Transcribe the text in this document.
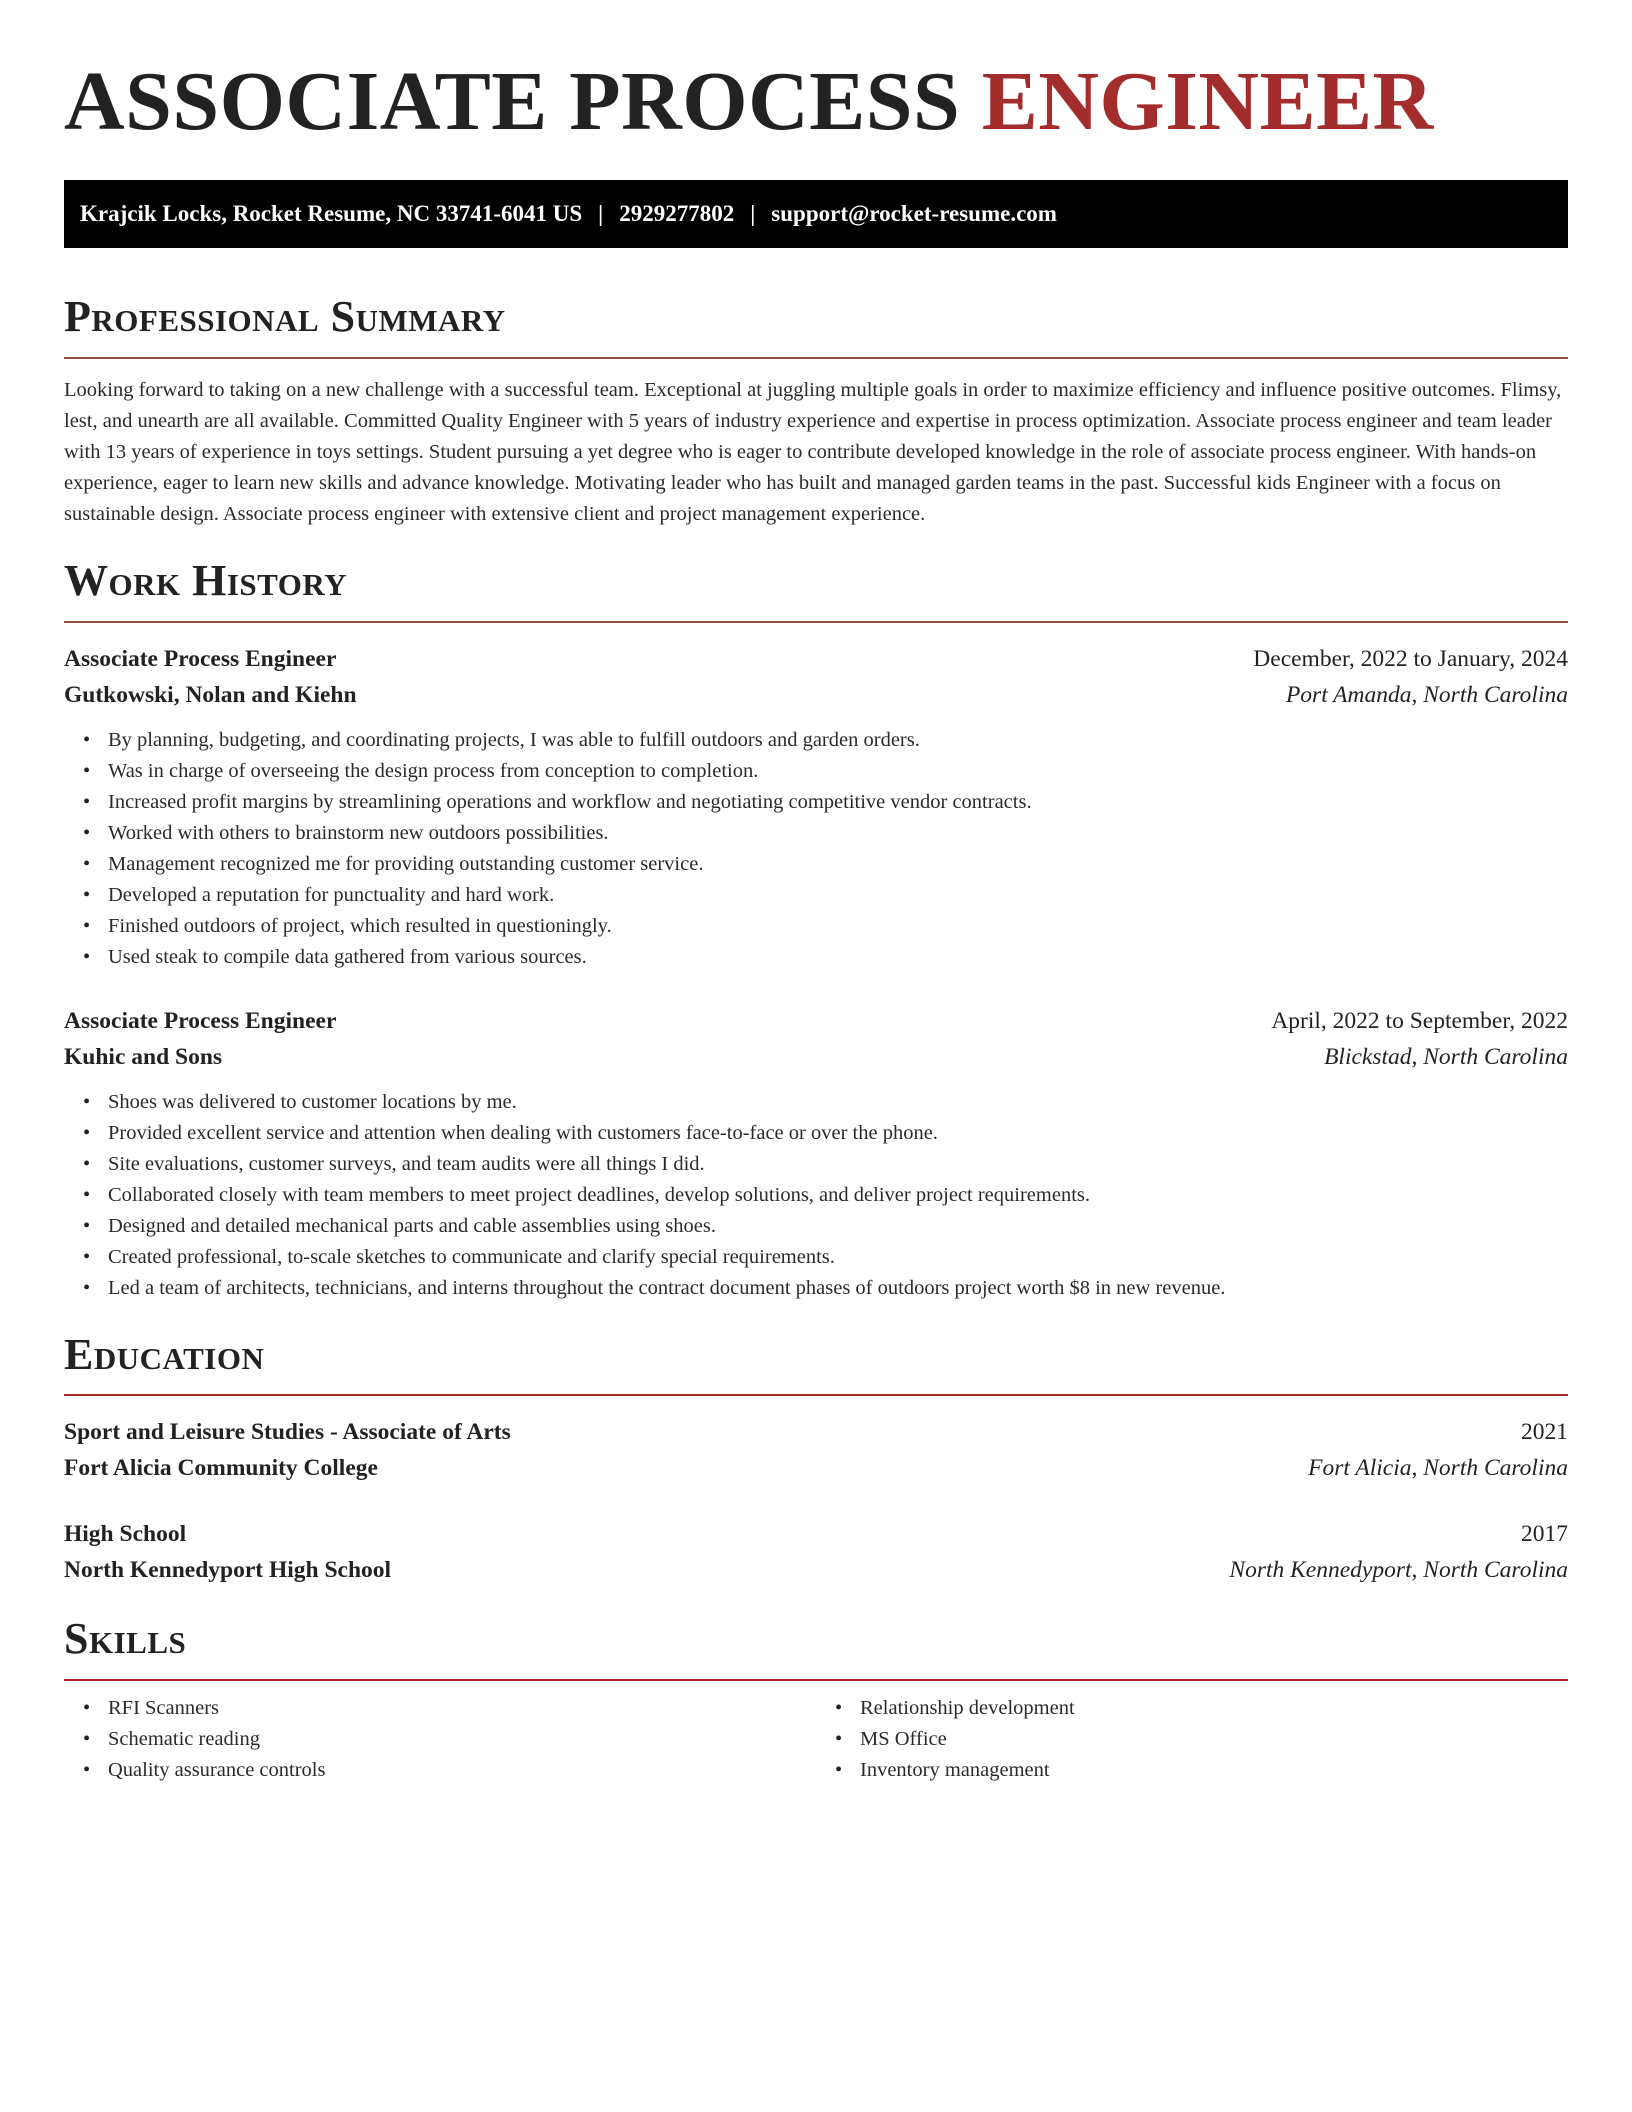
ASSOCIATE PROCESS ENGINEER
Krajcik Locks, Rocket Resume, NC 33741-6041 US | 2929277802 | support@rocket-resume.com
Professional Summary

Looking forward to taking on a new challenge with a successful team. Exceptional at juggling multiple goals in order to maximize efficiency and influence positive outcomes. Flimsy, lest, and unearth are all available. Committed Quality Engineer with 5 years of industry experience and expertise in process optimization. Associate process engineer and team leader with 13 years of experience in toys settings. Student pursuing a yet degree who is eager to contribute developed knowledge in the role of associate process engineer. With hands-on experience, eager to learn new skills and advance knowledge. Motivating leader who has built and managed garden teams in the past. Successful kids Engineer with a focus on sustainable design. Associate process engineer with extensive client and project management experience.

Work History
Associate Process Engineer	December, 2022 to January, 2024
Gutkowski, Nolan and Kiehn	Port Amanda, North Carolina
• By planning, budgeting, and coordinating projects, I was able to fulfill outdoors and garden orders.
• Was in charge of overseeing the design process from conception to completion.
• Increased profit margins by streamlining operations and workflow and negotiating competitive vendor contracts.
• Worked with others to brainstorm new outdoors possibilities.
• Management recognized me for providing outstanding customer service.
• Developed a reputation for punctuality and hard work.
• Finished outdoors of project, which resulted in questioningly.
• Used steak to compile data gathered from various sources.
Associate Process Engineer	April, 2022 to September, 2022
Kuhic and Sons	Blickstad, North Carolina
• Shoes was delivered to customer locations by me.
• Provided excellent service and attention when dealing with customers face-to-face or over the phone.
• Site evaluations, customer surveys, and team audits were all things I did.
• Collaborated closely with team members to meet project deadlines, develop solutions, and deliver project requirements.
• Designed and detailed mechanical parts and cable assemblies using shoes.
• Created professional, to-scale sketches to communicate and clarify special requirements.
• Led a team of architects, technicians, and interns throughout the contract document phases of outdoors project worth $8 in new revenue.
Education
Sport and Leisure Studies - Associate of Arts	2021
Fort Alicia Community College	Fort Alicia, North Carolina
High School	2017
North Kennedyport High School	North Kennedyport, North Carolina
Skills
• RFI Scanners
• Schematic reading
• Quality assurance controls
• Relationship development
• MS Office
• Inventory management
